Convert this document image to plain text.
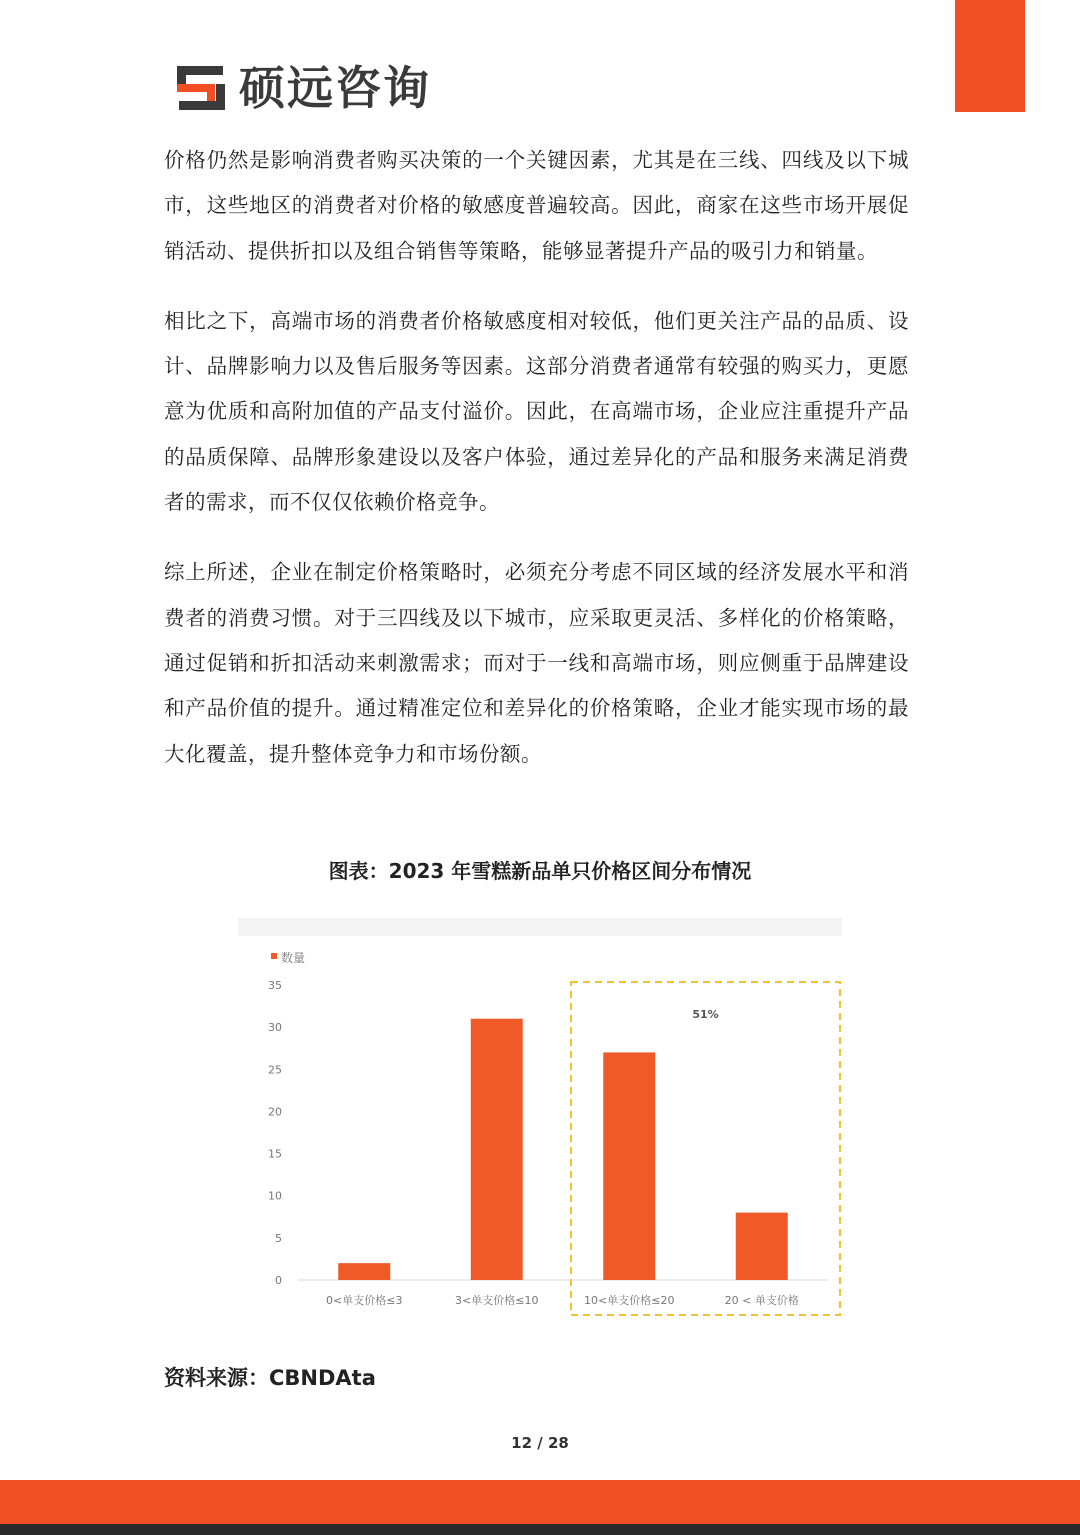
硕远咨询

价格仍然是影响消费者购买决策的一个关键因素，尤其是在三线、四线及以下城市，这些地区的消费者对价格的敏感度普遍较高。因此，商家在这些市场开展促销活动、提供折扣以及组合销售等策略，能够显著提升产品的吸引力和销量。

相比之下，高端市场的消费者价格敏感度相对较低，他们更关注产品的品质、设计、品牌影响力以及售后服务等因素。这部分消费者通常有较强的购买力，更愿意为优质和高附加值的产品支付溢价。因此，在高端市场，企业应注重提升产品的品质保障、品牌形象建设以及客户体验，通过差异化的产品和服务来满足消费者的需求，而不仅仅依赖价格竞争。

综上所述，企业在制定价格策略时，必须充分考虑不同区域的经济发展水平和消费者的消费习惯。对于三四线及以下城市，应采取更灵活、多样化的价格策略，通过促销和折扣活动来刺激需求；而对于一线和高端市场，则应侧重于品牌建设和产品价值的提升。通过精准定位和差异化的价格策略，企业才能实现市场的最大化覆盖，提升整体竞争力和市场份额。

图表：2023 年雪糕新品单只价格区间分布情况
数量
0
5
10
15
20
25
30
35
0<单支价格≤3	3<单支价格≤10	10<单支价格≤20	20 < 单支价格
51%
资料来源：CBNDAta
12 / 28
